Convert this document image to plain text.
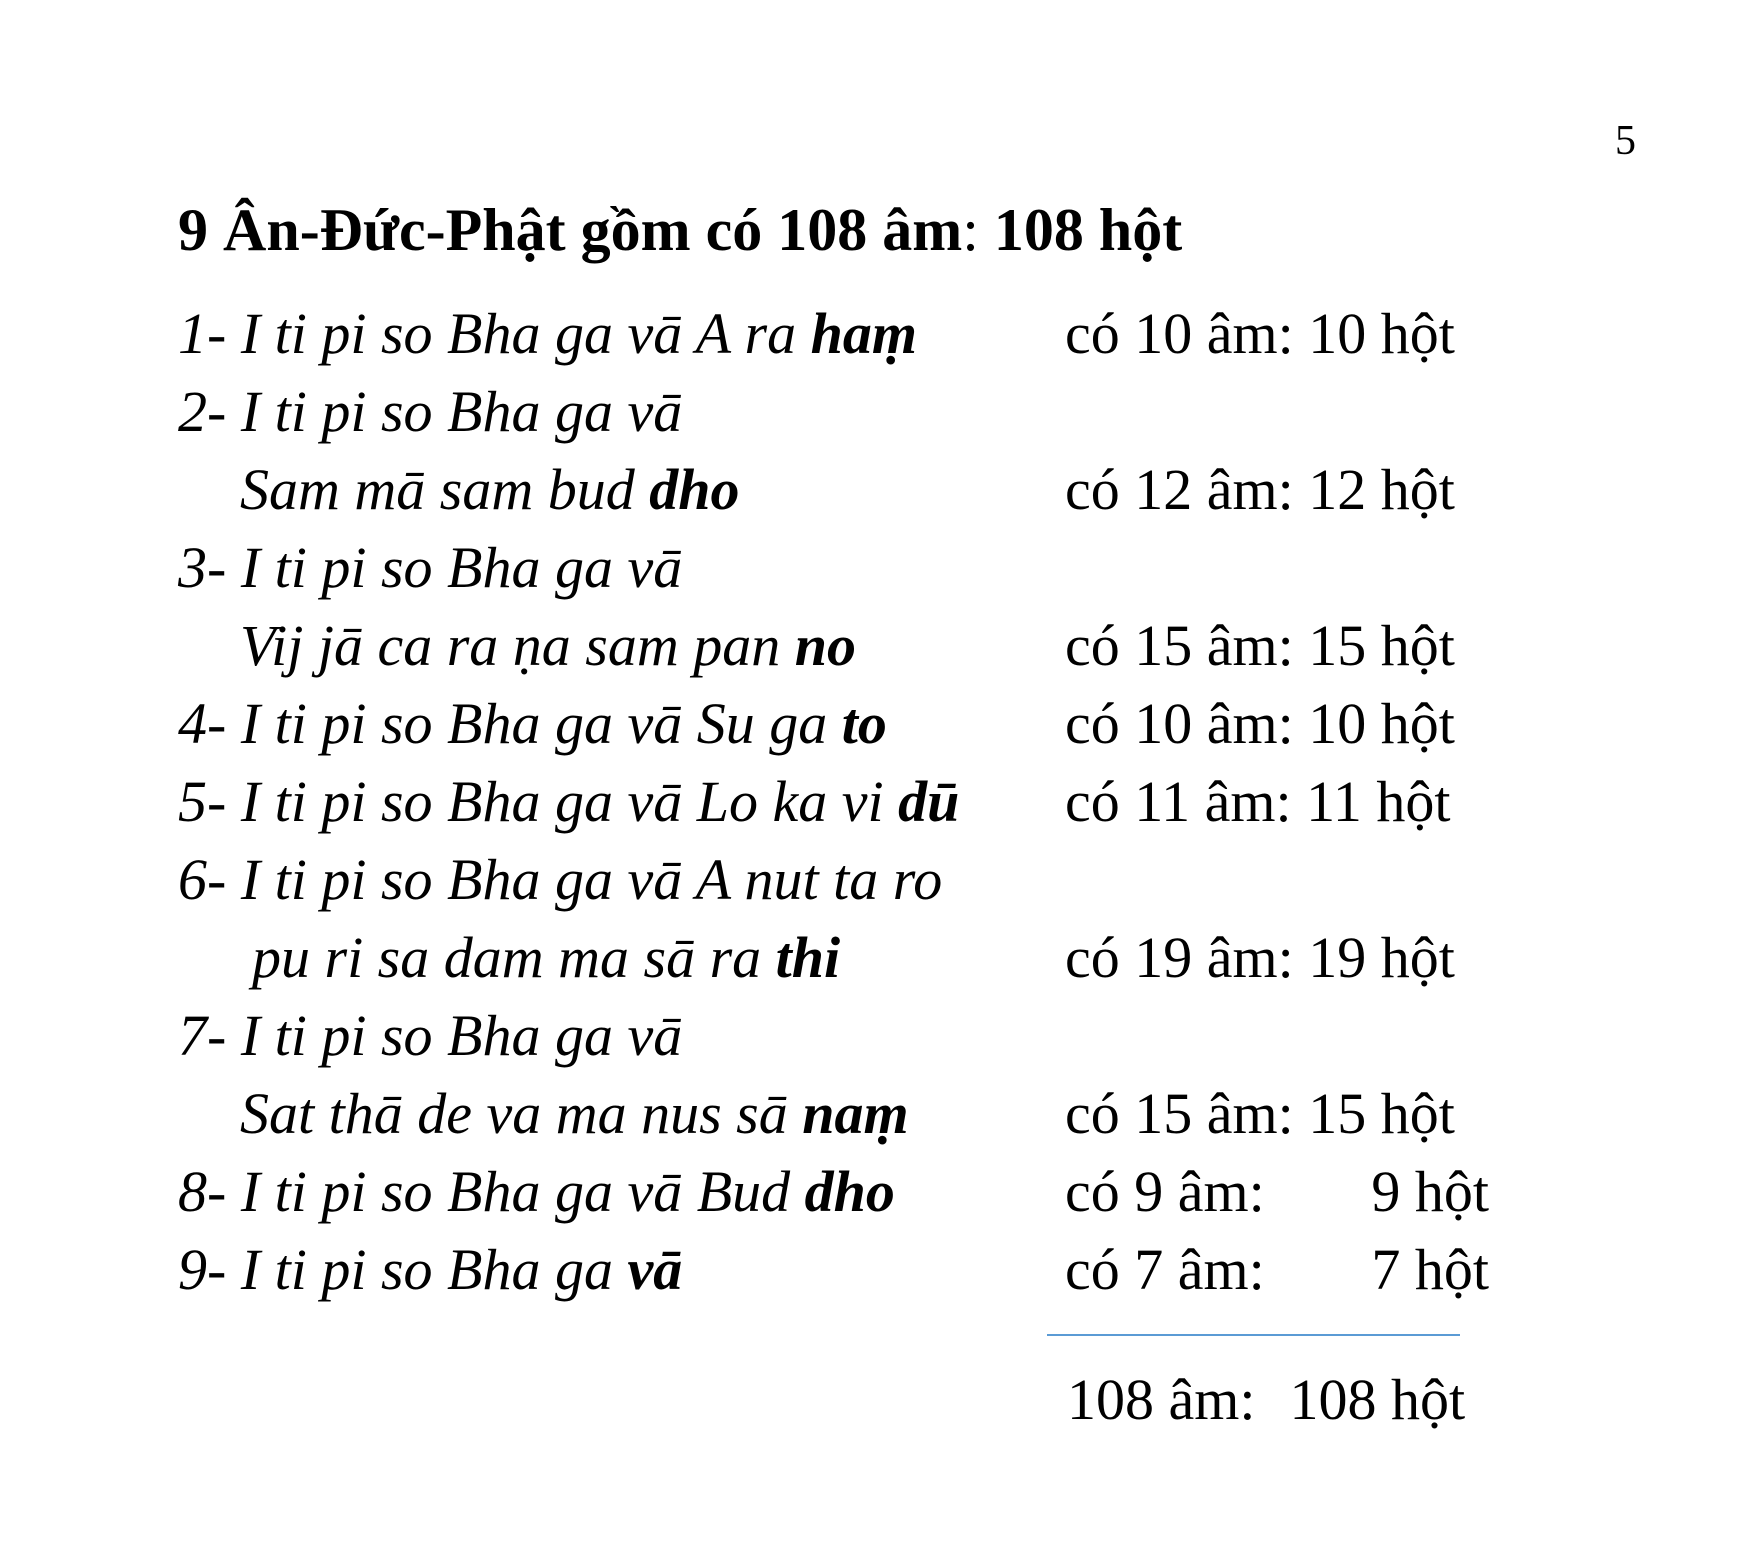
5
9 Ân-Đức-Phật gồm có 108 âm: 108 hột
1- I ti pi so Bha ga vā A ra haṃ	có 10 âm: 10 hột
2- I ti pi so Bha ga vā
Sam mā sam bud dho	có 12 âm: 12 hột
3- I ti pi so Bha ga vā
Vij jā ca ra ṇa sam pan no	có 15 âm: 15 hột
4- I ti pi so Bha ga vā Su ga to	có 10 âm: 10 hột
5- I ti pi so Bha ga vā Lo ka vi dū có 11 âm: 11 hột
6- I ti pi so Bha ga vā A nut ta ro
pu ri sa dam ma sā ra thi	có 19 âm: 19 hột
7- I ti pi so Bha ga vā
Sat thā de va ma nus sā naṃ	có 15 âm: 15 hột
8- I ti pi so Bha ga vā Bud dho	có 9 âm: 9 hột
9- I ti pi so Bha ga vā	có 7 âm: 7 hột
108 âm: 108 hột
